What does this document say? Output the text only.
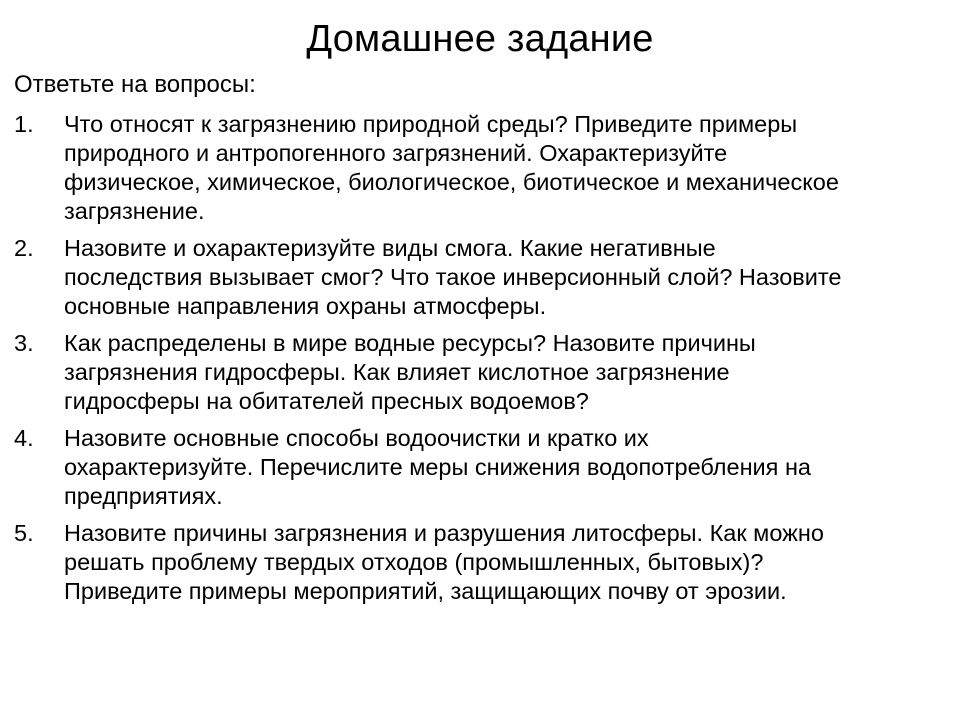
Домашнее задание
Ответьте на вопросы:
1.	Что относят к загрязнению природной среды? Приведите примеры
природного и антропогенного загрязнений. Охарактеризуйте
физическое, химическое, биологическое, биотическое и механическое
загрязнение.
2.	Назовите и охарактеризуйте виды смога. Какие негативные
последствия вызывает смог? Что такое инверсионный слой? Назовите
основные направления охраны атмосферы.
3.	Как распределены в мире водные ресурсы? Назовите причины
загрязнения гидросферы. Как влияет кислотное загрязнение
гидросферы на обитателей пресных водоемов?
4.	Назовите основные способы водоочистки и кратко их
охарактеризуйте. Перечислите меры снижения водопотребления на
предприятиях.
5.	Назовите причины загрязнения и разрушения литосферы. Как можно
решать проблему твердых отходов (промышленных, бытовых)?
Приведите примеры мероприятий, защищающих почву от эрозии.
